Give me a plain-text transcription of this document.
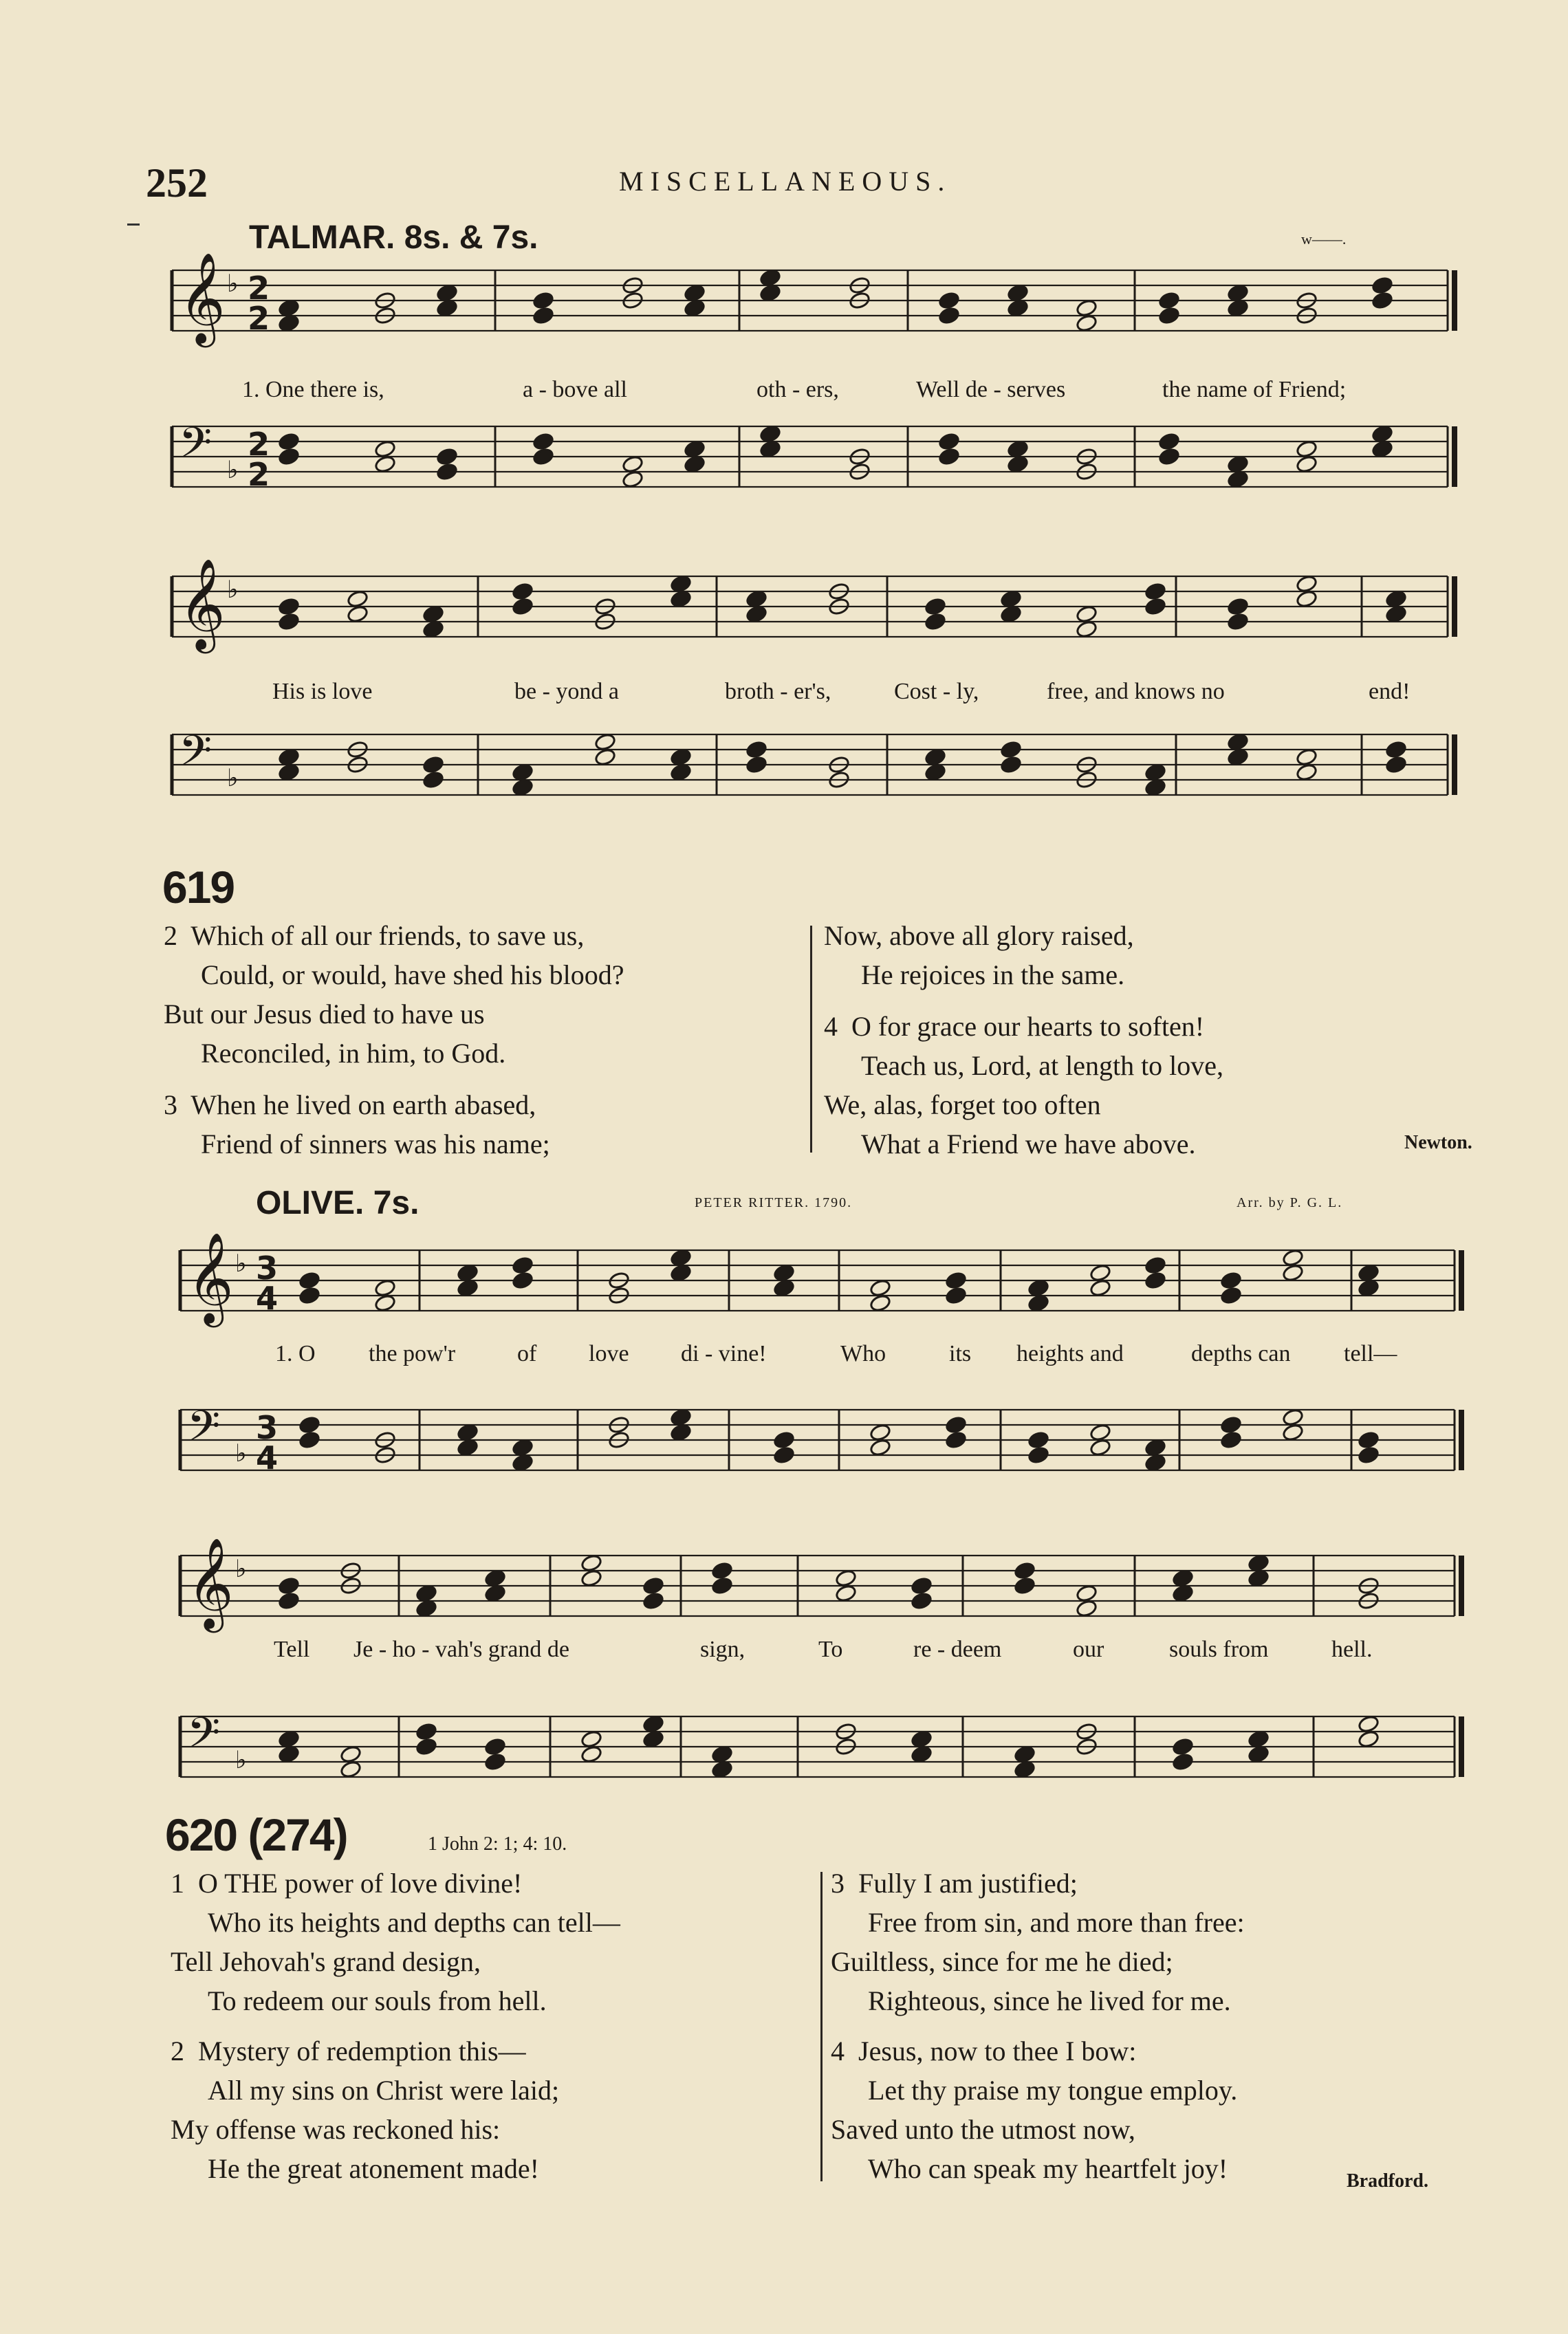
252	MISCELLANEOUS.
TALMAR. 8s. & 7s.	w——.
𝄞 ♭ 2
2
𝄢 ♭
2
2
𝄞 ♭
𝄢 ♭
1. One there is,	a - bove all	oth - ers,	Well de - serves	the name of Friend;
His is love	be - yond a	broth - er's,	Cost - ly,	free, and knows no	end!
619
2 Which of all our friends, to save us,
Could, or would, have shed his blood?
But our Jesus died to have us
Reconciled, in him, to God.
3 When he lived on earth abased,
Friend of sinners was his name;
Now, above all glory raised,
He rejoices in the same.
4 O for grace our hearts to soften!
Teach us, Lord, at length to love,
We, alas, forget too often
What a Friend we have above.	Newton.
OLIVE. 7s.	PETER RITTER. 1790.	Arr. by P. G. L.
𝄞 ♭ 3
4
𝄢 ♭
3
4
𝄞 ♭
𝄢 ♭
1. O the pow'r	of love di - vine!	Who	its heights and	depths can tell—
Tell Je - ho - vah's grand de	sign,	To	re - deem	our	souls from	hell.
620 (274)	1 John 2: 1; 4: 10.
1 O THE power of love divine!
Who its heights and depths can tell—
Tell Jehovah's grand design,
To redeem our souls from hell.
2 Mystery of redemption this—
All my sins on Christ were laid;
My offense was reckoned his:
He the great atonement made!
3 Fully I am justified;
Free from sin, and more than free:
Guiltless, since for me he died;
Righteous, since he lived for me.
4 Jesus, now to thee I bow:
Let thy praise my tongue employ.
Saved unto the utmost now,
Who can speak my heartfelt joy!	Bradford.
